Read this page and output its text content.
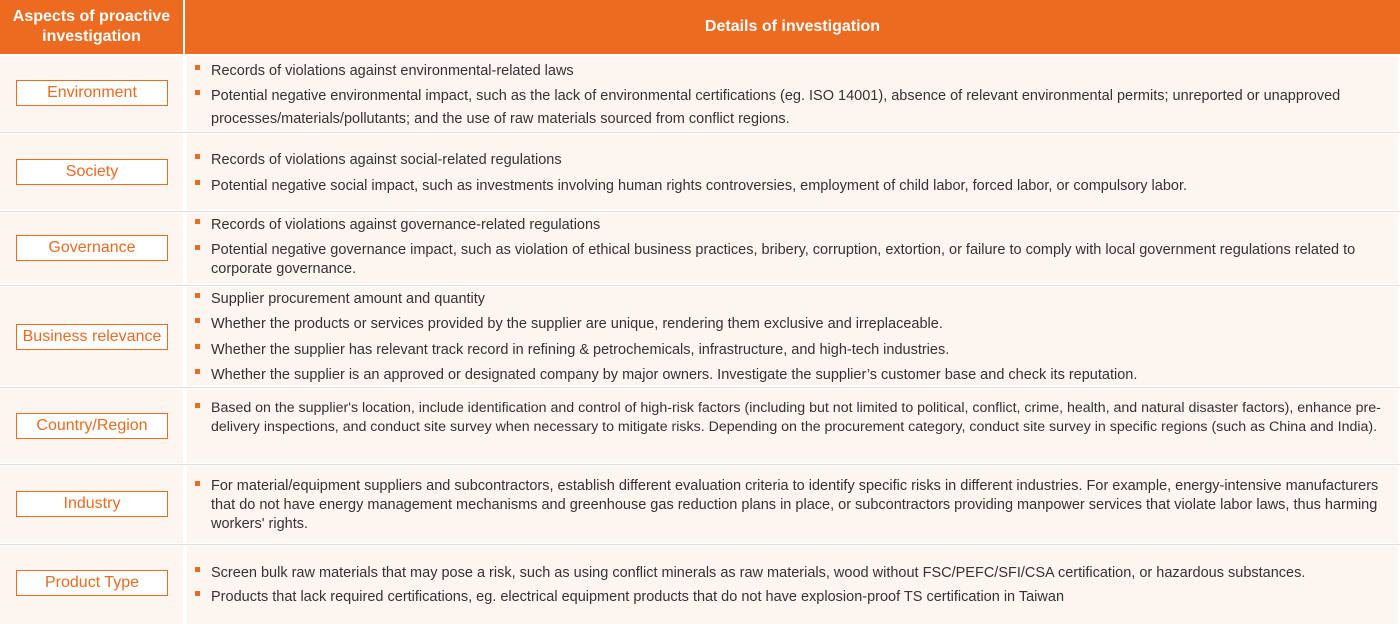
Aspects of proactive investigation
Details of investigation
Environment
Records of violations against environmental-related laws
Potential negative environmental impact, such as the lack of environmental certifications (eg. ISO 14001), absence of relevant environmental permits; unreported or unapproved processes/materials/pollutants; and the use of raw materials sourced from conflict regions.
Society
Records of violations against social-related regulations
Potential negative social impact, such as investments involving human rights controversies, employment of child labor, forced labor, or compulsory labor.
Governance
Records of violations against governance-related regulations
Potential negative governance impact, such as violation of ethical business practices, bribery, corruption, extortion, or failure to comply with local government regulations related to corporate governance.
Business relevance
Supplier procurement amount and quantity
Whether the products or services provided by the supplier are unique, rendering them exclusive and irreplaceable.
Whether the supplier has relevant track record in refining & petrochemicals, infrastructure, and high-tech industries.
Whether the supplier is an approved or designated company by major owners. Investigate the supplier’s customer base and check its reputation.
Country/Region
Based on the supplier's location, include identification and control of high-risk factors (including but not limited to political, conflict, crime, health, and natural disaster factors), enhance pre-delivery inspections, and conduct site survey when necessary to mitigate risks. Depending on the procurement category, conduct site survey in specific regions (such as China and India).
Industry
For material/equipment suppliers and subcontractors, establish different evaluation criteria to identify specific risks in different industries. For example, energy-intensive manufacturers that do not have energy management mechanisms and greenhouse gas reduction plans in place, or subcontractors providing manpower services that violate labor laws, thus harming workers' rights.
Product Type
Screen bulk raw materials that may pose a risk, such as using conflict minerals as raw materials, wood without FSC/PEFC/SFI/CSA certification, or hazardous substances.
Products that lack required certifications, eg. electrical equipment products that do not have explosion-proof TS certification in Taiwan
